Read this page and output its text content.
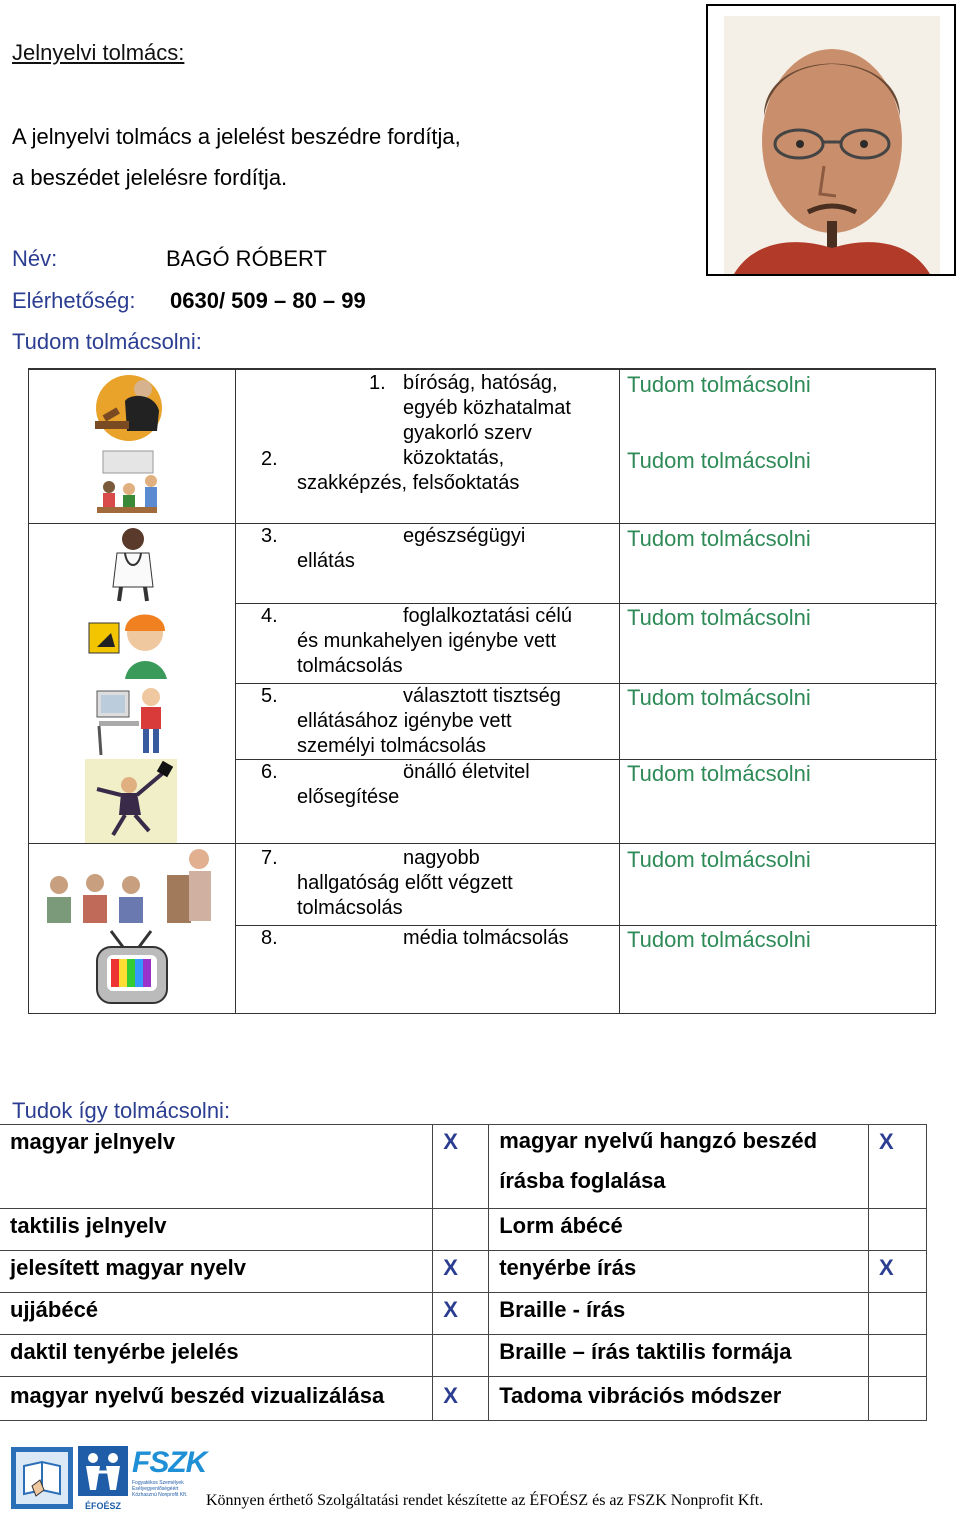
Jelnyelvi tolmács:
A jelnyelvi tolmács a jelelést beszédre fordítja,
a beszédet jelelésre fordítja.
Név:	BAGÓ RÓBERT
Elérhetőség: 0630/ 509 – 80 – 99
Tudom tolmácsolni:
1. bíróság, hatóság,
egyéb közhatalmat
gyakorló szerv
Tudom tolmácsolni
2.	közoktatás,
szakképzés, felsőoktatás
Tudom tolmácsolni
3.	egészségügyi
ellátás
Tudom tolmácsolni
4.	foglalkoztatási célú
és munkahelyen igénybe vett
tolmácsolás
Tudom tolmácsolni
5.	választott tisztség
ellátásához igénybe vett
személyi tolmácsolás
Tudom tolmácsolni
6.	önálló életvitel
elősegítése
Tudom tolmácsolni
7.	nagyobb
hallgatóság előtt végzett
tolmácsolás
Tudom tolmácsolni
8.	média tolmácsolás	Tudom tolmácsolni
Tudok így tolmácsolni:
magyar jelnyelv	X	magyar nyelvű hangzó beszéd
írásba foglalása	X
taktilis jelnyelv		Lorm ábécé	
jelesített magyar nyelv	X	tenyérbe írás	X
ujjábécé	X	Braille - írás	
daktil tenyérbe jelelés		Braille – írás taktilis formája	
magyar nyelvű beszéd vizualizálása	X	Tadoma vibrációs módszer	
ÉFOÉSZ
FSZK
Fogyatékos Személyek Esélyegyenlőségéért Közhasznú Nonprofit Kft.	Könnyen érthető Szolgáltatási rendet készítette az ÉFOÉSZ és az FSZK Nonprofit Kft.
